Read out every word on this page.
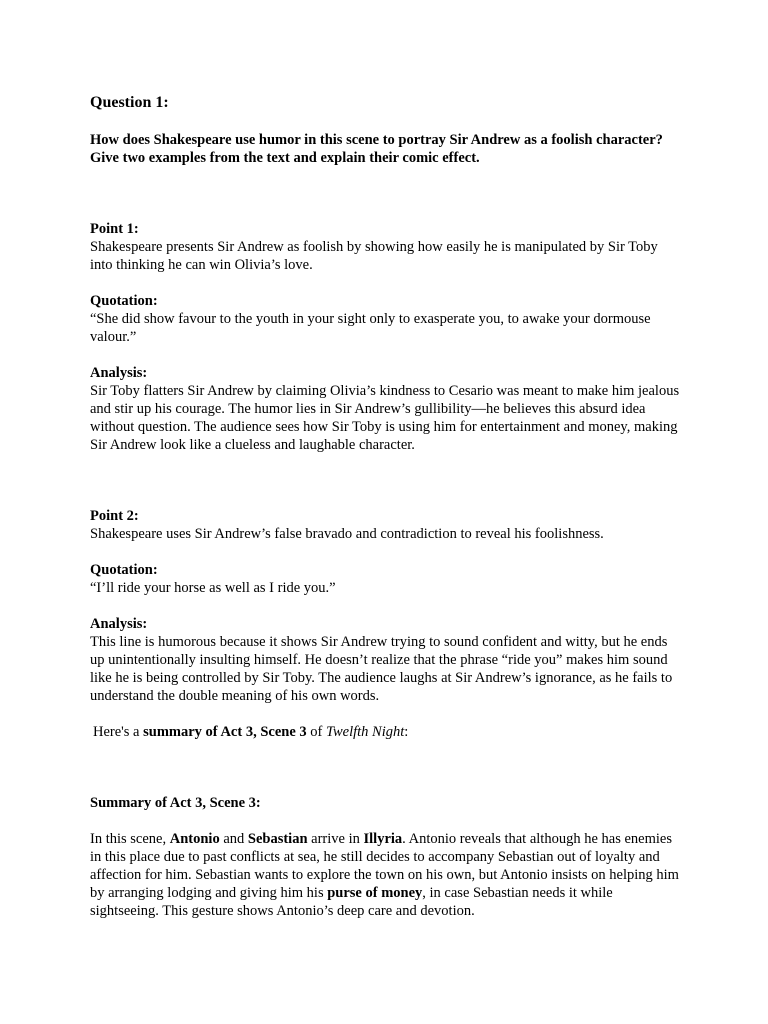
Question 1:

How does Shakespeare use humor in this scene to portray Sir Andrew as a foolish character? Give two examples from the text and explain their comic effect.

Point 1:
Shakespeare presents Sir Andrew as foolish by showing how easily he is manipulated by Sir Toby into thinking he can win Olivia’s love.
Quotation:
“She did show favour to the youth in your sight only to exasperate you, to awake your dormouse valour.”
Analysis:
Sir Toby flatters Sir Andrew by claiming Olivia’s kindness to Cesario was meant to make him jealous and stir up his courage. The humor lies in Sir Andrew’s gullibility—he believes this absurd idea without question. The audience sees how Sir Toby is using him for entertainment and money, making Sir Andrew look like a clueless and laughable character.
Point 2:
Shakespeare uses Sir Andrew’s false bravado and contradiction to reveal his foolishness.
Quotation:
“I’ll ride your horse as well as I ride you.”
Analysis:
This line is humorous because it shows Sir Andrew trying to sound confident and witty, but he ends up unintentionally insulting himself. He doesn’t realize that the phrase “ride you” makes him sound like he is being controlled by Sir Toby. The audience laughs at Sir Andrew’s ignorance, as he fails to understand the double meaning of his own words.

Here's a summary of Act 3, Scene 3 of Twelfth Night:

Summary of Act 3, Scene 3:

In this scene, Antonio and Sebastian arrive in Illyria. Antonio reveals that although he has enemies in this place due to past conflicts at sea, he still decides to accompany Sebastian out of loyalty and affection for him. Sebastian wants to explore the town on his own, but Antonio insists on helping him by arranging lodging and giving him his purse of money, in case Sebastian needs it while sightseeing. This gesture shows Antonio’s deep care and devotion.
